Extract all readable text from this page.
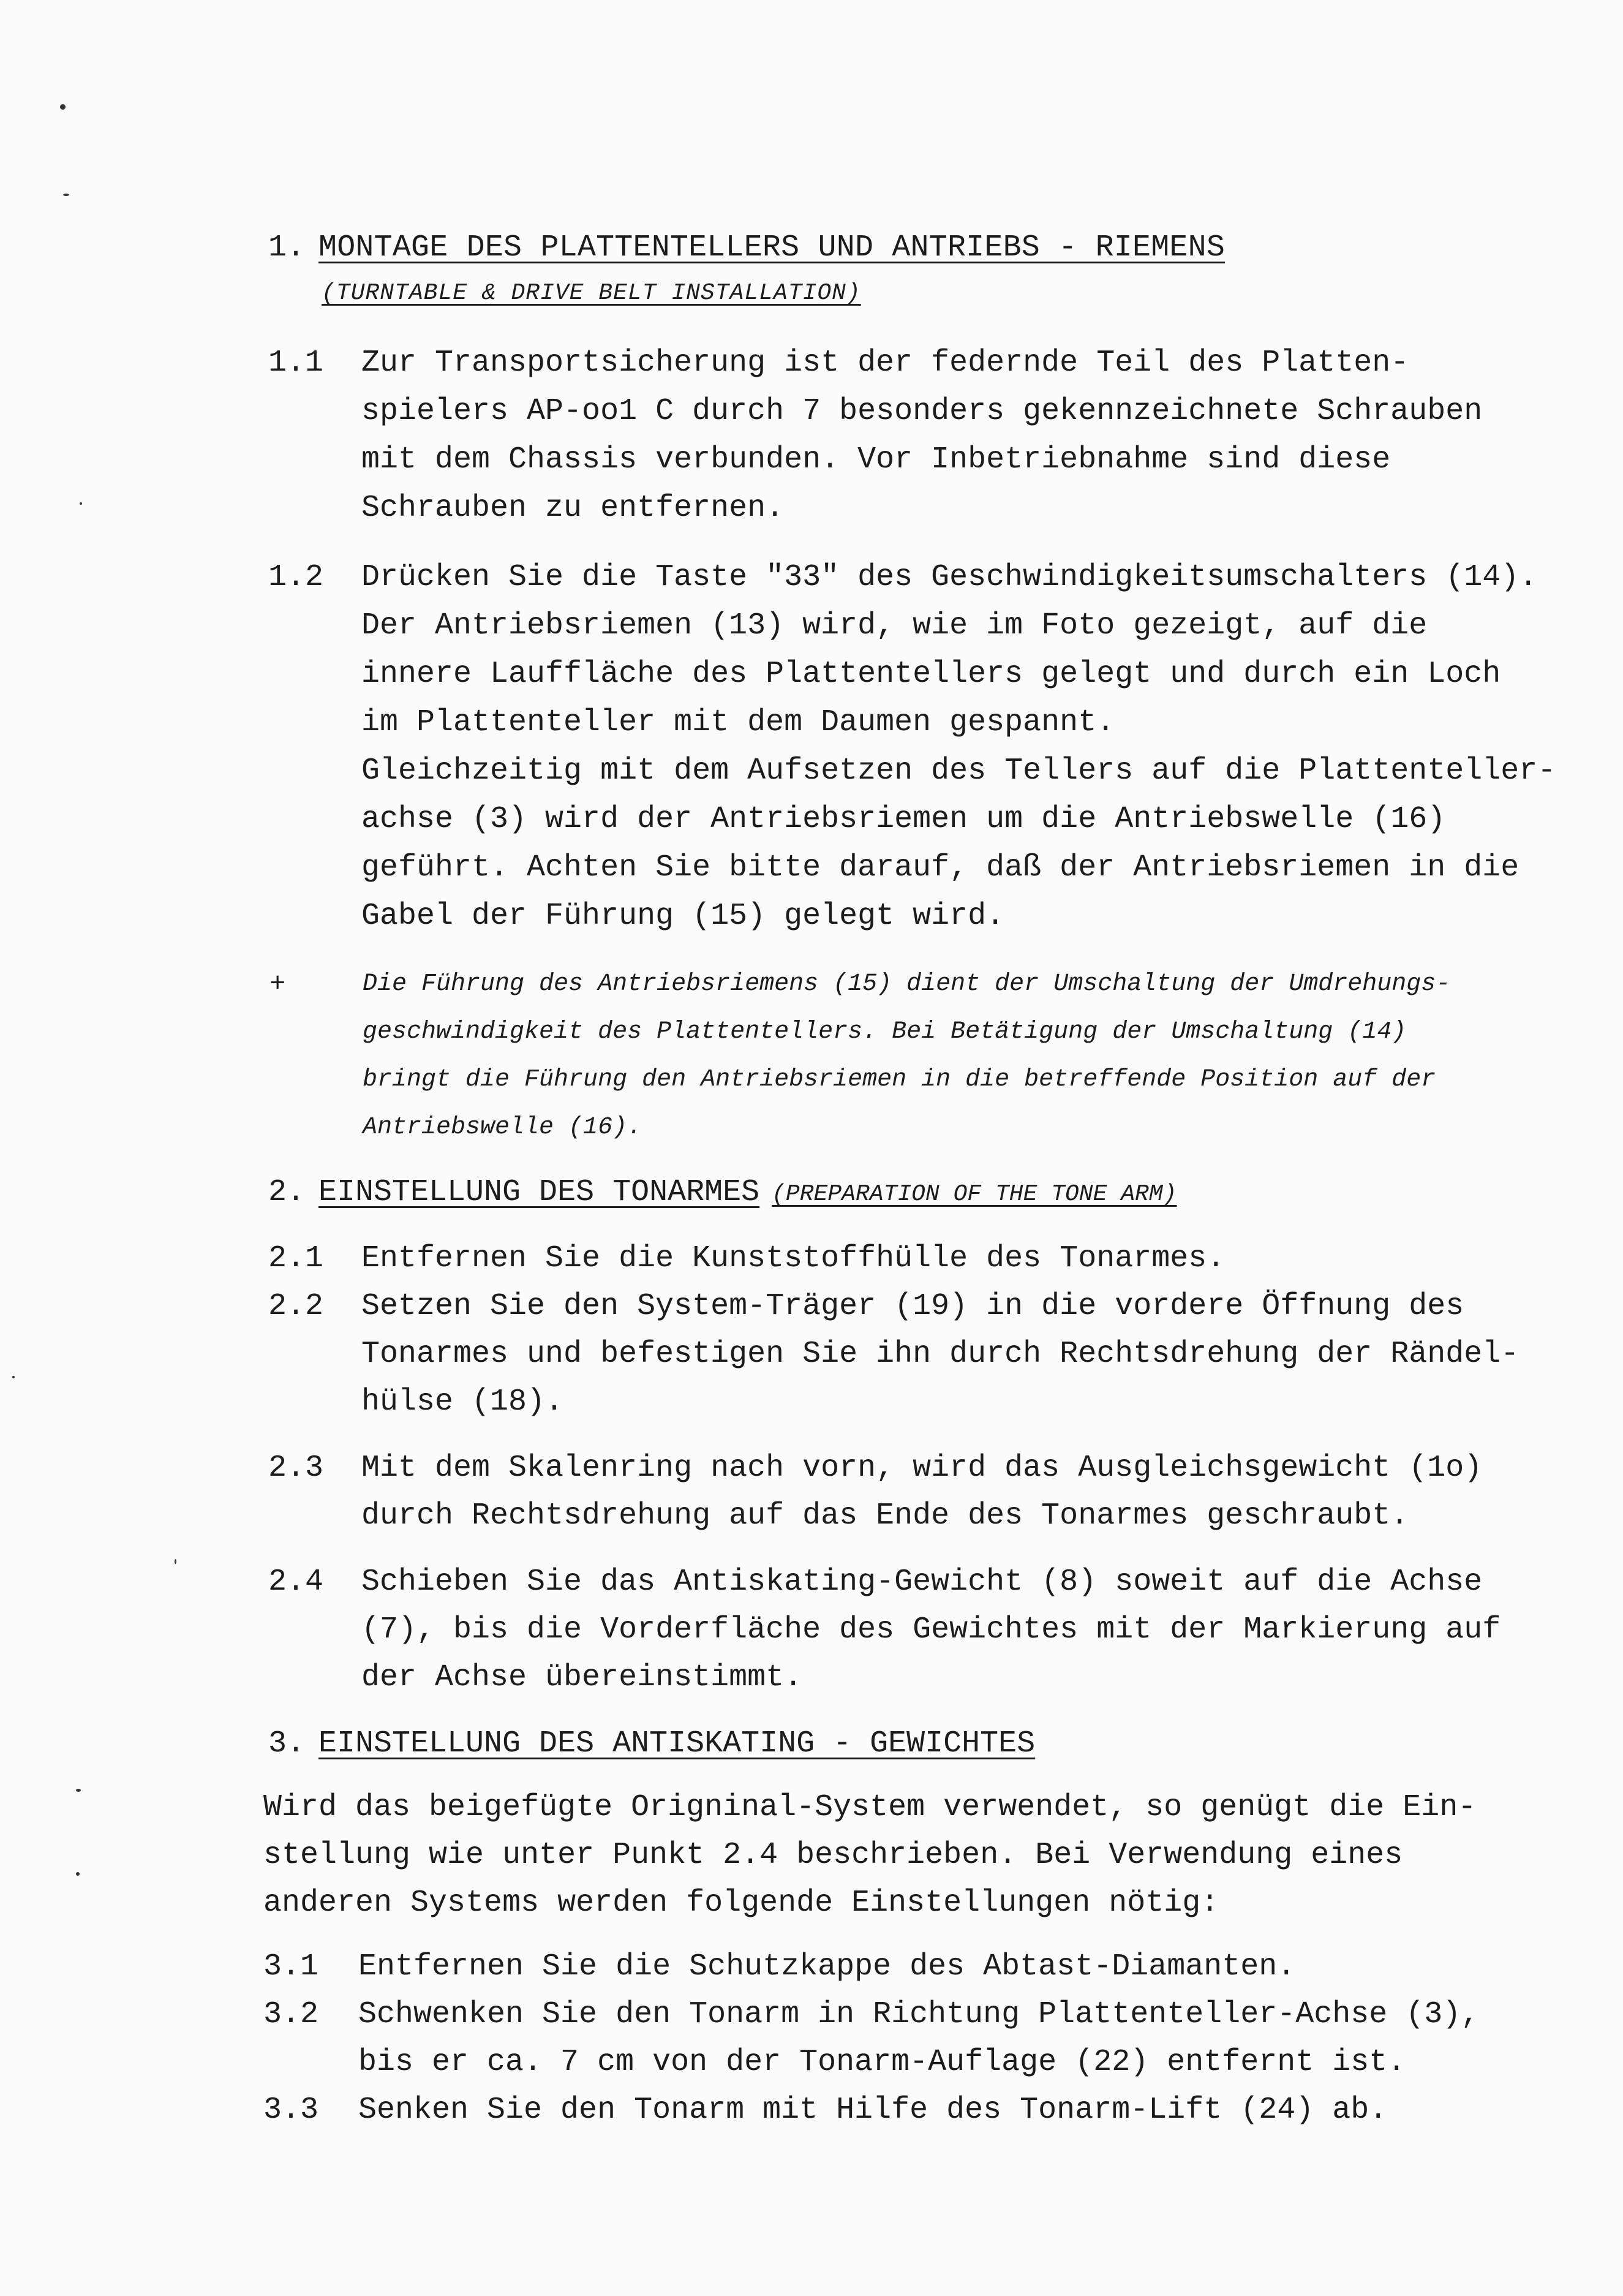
1. MONTAGE DES PLATTENTELLERS UND ANTRIEBS - RIEMENS
(TURNTABLE & DRIVE BELT INSTALLATION)
1.1 Zur Transportsicherung ist der federnde Teil des Platten-
spielers AP-oo1 C durch 7 besonders gekennzeichnete Schrauben
mit dem Chassis verbunden. Vor Inbetriebnahme sind diese
Schrauben zu entfernen.
1.2 Drücken Sie die Taste "33" des Geschwindigkeitsumschalters (14).
Der Antriebsriemen (13) wird, wie im Foto gezeigt, auf die
innere Lauffläche des Plattentellers gelegt und durch ein Loch
im Plattenteller mit dem Daumen gespannt.
Gleichzeitig mit dem Aufsetzen des Tellers auf die Plattenteller-
achse (3) wird der Antriebsriemen um die Antriebswelle (16)
geführt. Achten Sie bitte darauf, daß der Antriebsriemen in die
Gabel der Führung (15) gelegt wird.
+	Die Führung des Antriebsriemens (15) dient der Umschaltung der Umdrehungs-
geschwindigkeit des Plattentellers. Bei Betätigung der Umschaltung (14)
bringt die Führung den Antriebsriemen in die betreffende Position auf der
Antriebswelle (16).
2. EINSTELLUNG DES TONARMES (PREPARATION OF THE TONE ARM)
2.1 Entfernen Sie die Kunststoffhülle des Tonarmes.
2.2 Setzen Sie den System-Träger (19) in die vordere Öffnung des
Tonarmes und befestigen Sie ihn durch Rechtsdrehung der Rändel-
hülse (18).
2.3 Mit dem Skalenring nach vorn, wird das Ausgleichsgewicht (1o)
durch Rechtsdrehung auf das Ende des Tonarmes geschraubt.
2.4 Schieben Sie das Antiskating-Gewicht (8) soweit auf die Achse
(7), bis die Vorderfläche des Gewichtes mit der Markierung auf
der Achse übereinstimmt.
3. EINSTELLUNG DES ANTISKATING - GEWICHTES
Wird das beigefügte Origninal-System verwendet, so genügt die Ein-
stellung wie unter Punkt 2.4 beschrieben. Bei Verwendung eines
anderen Systems werden folgende Einstellungen nötig:
3.1 Entfernen Sie die Schutzkappe des Abtast-Diamanten.
3.2 Schwenken Sie den Tonarm in Richtung Plattenteller-Achse (3),
bis er ca. 7 cm von der Tonarm-Auflage (22) entfernt ist.
3.3 Senken Sie den Tonarm mit Hilfe des Tonarm-Lift (24) ab.
